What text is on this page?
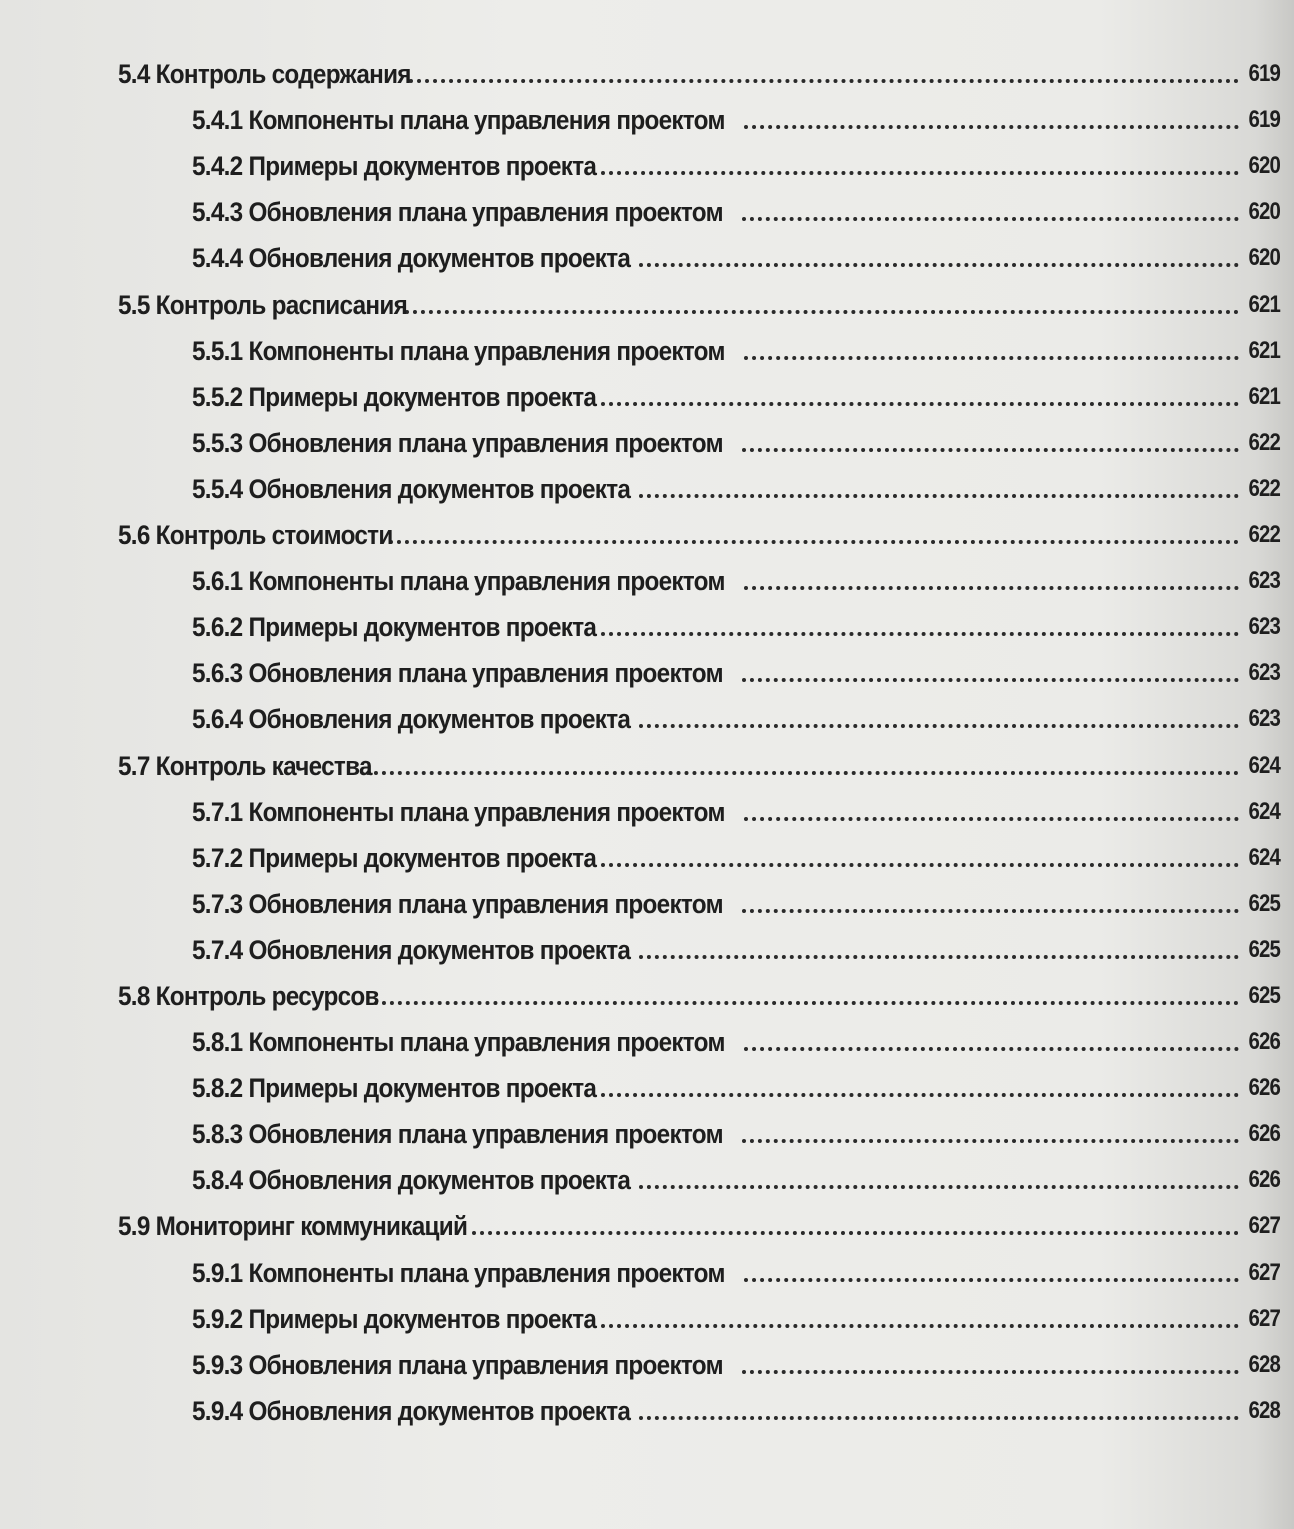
5.4 Контроль содержания	619
5.4.1 Компоненты плана управления проектом	619
5.4.2 Примеры документов проекта	620
5.4.3 Обновления плана управления проектом	620
5.4.4 Обновления документов проекта	620
5.5 Контроль расписания	621
5.5.1 Компоненты плана управления проектом	621
5.5.2 Примеры документов проекта	621
5.5.3 Обновления плана управления проектом	622
5.5.4 Обновления документов проекта	622
5.6 Контроль стоимости	622
5.6.1 Компоненты плана управления проектом	623
5.6.2 Примеры документов проекта	623
5.6.3 Обновления плана управления проектом	623
5.6.4 Обновления документов проекта	623
5.7 Контроль качества	624
5.7.1 Компоненты плана управления проектом	624
5.7.2 Примеры документов проекта	624
5.7.3 Обновления плана управления проектом	625
5.7.4 Обновления документов проекта	625
5.8 Контроль ресурсов	625
5.8.1 Компоненты плана управления проектом	626
5.8.2 Примеры документов проекта	626
5.8.3 Обновления плана управления проектом	626
5.8.4 Обновления документов проекта	626
5.9 Мониторинг коммуникаций	627
5.9.1 Компоненты плана управления проектом	627
5.9.2 Примеры документов проекта	627
5.9.3 Обновления плана управления проектом	628
5.9.4 Обновления документов проекта	628
